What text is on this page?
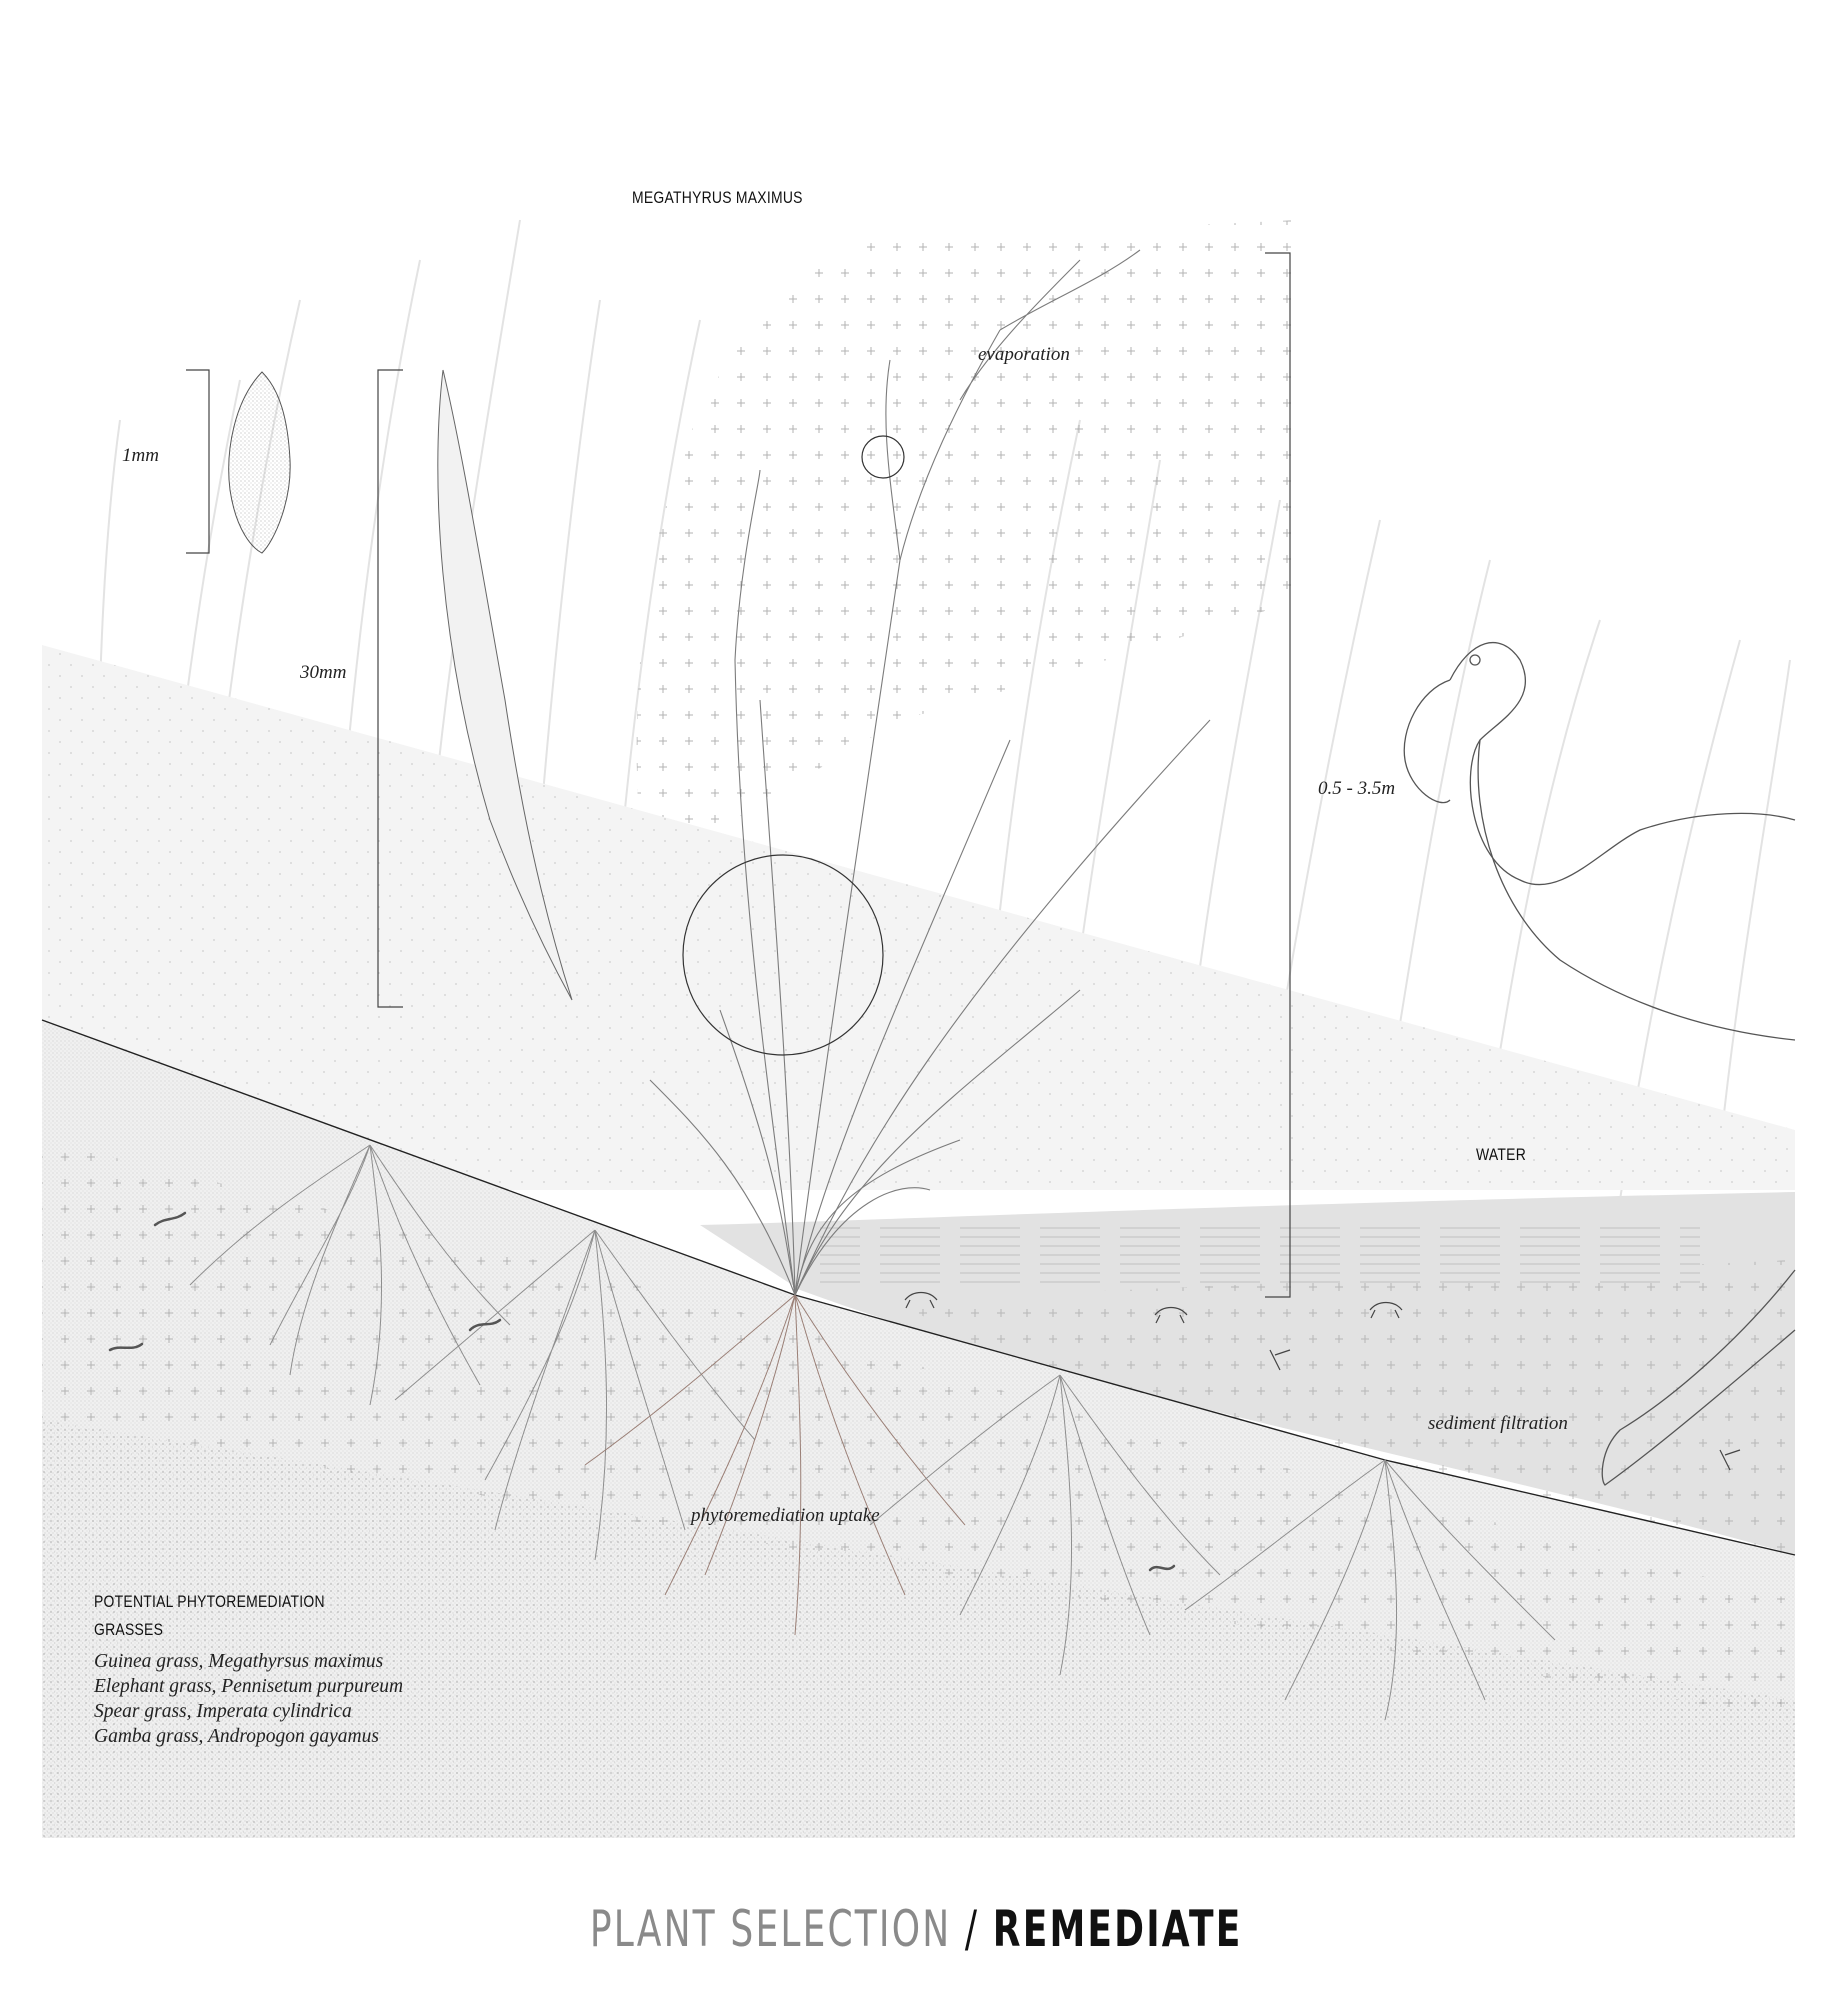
MEGATHYRUS MAXIMUS
evaporation
1mm
30mm
0.5 - 3.5m
WATER
sediment filtration
phytoremediation uptake
POTENTIAL PHYTOREMEDIATION
GRASSES
Guinea grass, Megathyrsus maximus
Elephant grass, Pennisetum purpureum
Spear grass, Imperata cylindrica
Gamba grass, Andropogon gayamus
PLANT SELECTION / REMEDIATE
